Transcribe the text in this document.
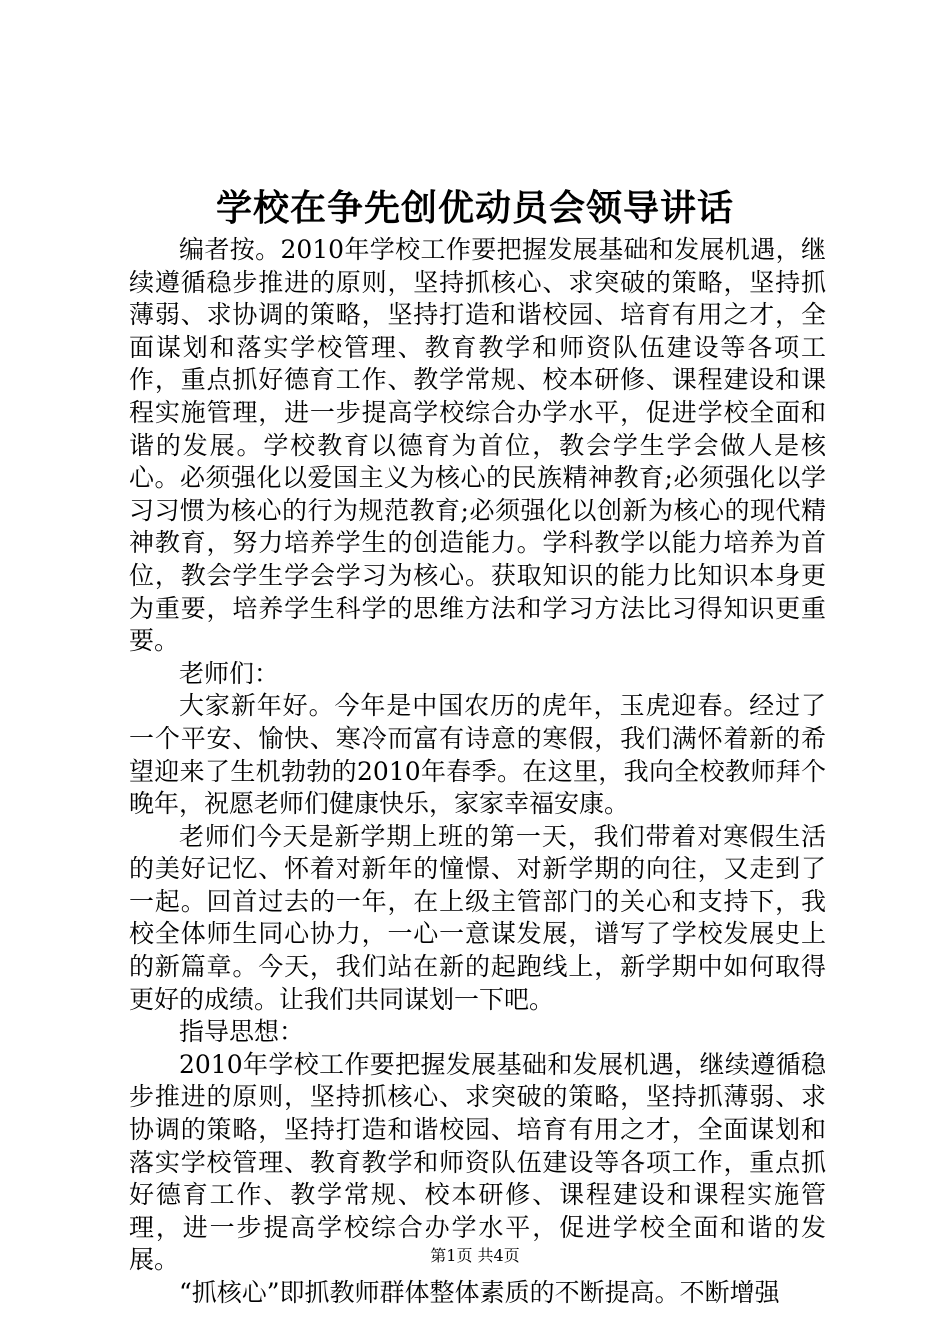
学校在争先创优动员会领导讲话

编者按。2010年学校工作要把握发展基础和发展机遇，继续遵循稳步推进的原则，坚持抓核心、求突破的策略，坚持抓薄弱、求协调的策略，坚持打造和谐校园、培育有用之才，全面谋划和落实学校管理、教育教学和师资队伍建设等各项工作，重点抓好德育工作、教学常规、校本研修、课程建设和课程实施管理，进一步提高学校综合办学水平，促进学校全面和谐的发展。学校教育以德育为首位，教会学生学会做人是核心。必须强化以爱国主义为核心的民族精神教育;必须强化以学习习惯为核心的行为规范教育;必须强化以创新为核心的现代精神教育，努力培养学生的创造能力。学科教学以能力培养为首位，教会学生学会学习为核心。获取知识的能力比知识本身更为重要，培养学生科学的思维方法和学习方法比习得知识更重要。

老师们：

大家新年好。今年是中国农历的虎年，玉虎迎春。经过了一个平安、愉快、寒冷而富有诗意的寒假，我们满怀着新的希望迎来了生机勃勃的2010年春季。在这里，我向全校教师拜个晚年，祝愿老师们健康快乐，家家幸福安康。

老师们今天是新学期上班的第一天，我们带着对寒假生活的美好记忆、怀着对新年的憧憬、对新学期的向往，又走到了一起。回首过去的一年，在上级主管部门的关心和支持下，我校全体师生同心协力，一心一意谋发展，谱写了学校发展史上的新篇章。今天，我们站在新的起跑线上，新学期中如何取得更好的成绩。让我们共同谋划一下吧。

指导思想：

2010年学校工作要把握发展基础和发展机遇，继续遵循稳步推进的原则，坚持抓核心、求突破的策略，坚持抓薄弱、求协调的策略，坚持打造和谐校园、培育有用之才，全面谋划和落实学校管理、教育教学和师资队伍建设等各项工作，重点抓好德育工作、教学常规、校本研修、课程建设和课程实施管理，进一步提高学校综合办学水平，促进学校全面和谐的发展。

“抓核心”即抓教师群体整体素质的不断提高。不断增强

第1页 共4页
